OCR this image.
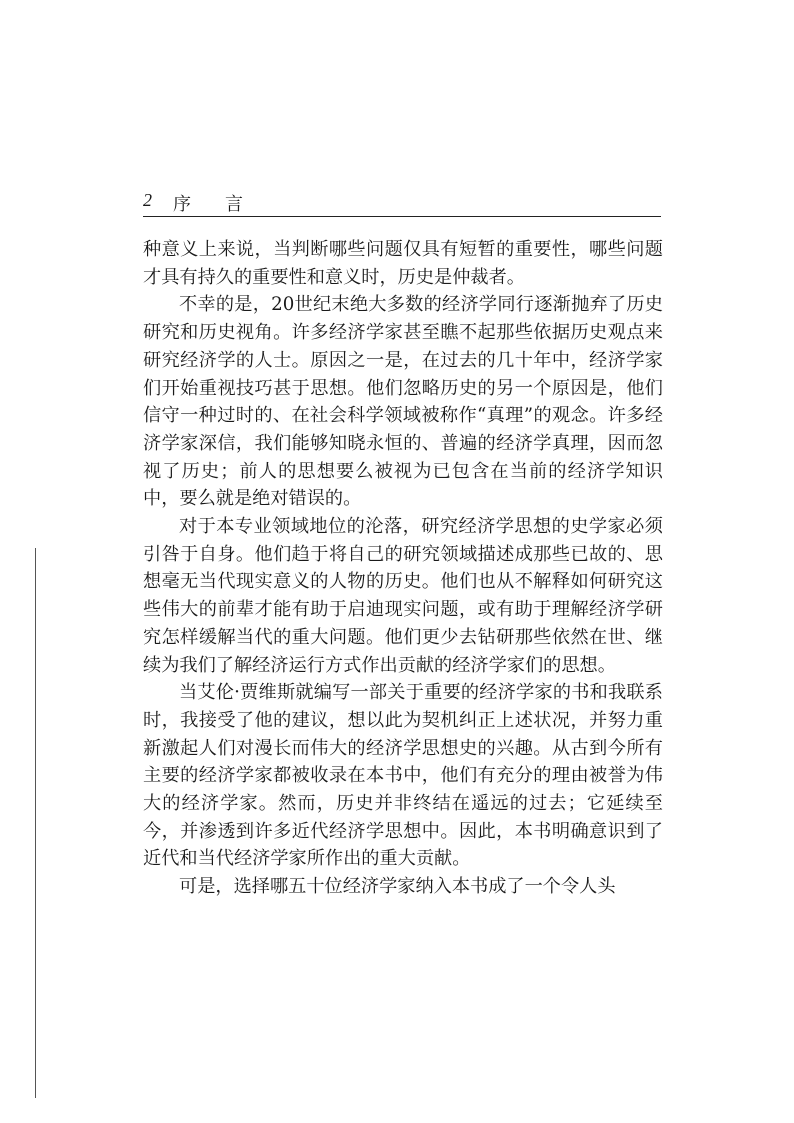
2 序言

种意义上来说，当判断哪些问题仅具有短暂的重要性，哪些问题才具有持久的重要性和意义时，历史是仲裁者。

不幸的是，20世纪末绝大多数的经济学同行逐渐抛弃了历史研究和历史视角。许多经济学家甚至瞧不起那些依据历史观点来研究经济学的人士。原因之一是，在过去的几十年中，经济学家们开始重视技巧甚于思想。他们忽略历史的另一个原因是，他们信守一种过时的、在社会科学领域被称作“真理”的观念。许多经济学家深信，我们能够知晓永恒的、普遍的经济学真理，因而忽视了历史；前人的思想要么被视为已包含在当前的经济学知识中，要么就是绝对错误的。

对于本专业领域地位的沦落，研究经济学思想的史学家必须引咎于自身。他们趋于将自己的研究领域描述成那些已故的、思想毫无当代现实意义的人物的历史。他们也从不解释如何研究这些伟大的前辈才能有助于启迪现实问题，或有助于理解经济学研究怎样缓解当代的重大问题。他们更少去钻研那些依然在世、继续为我们了解经济运行方式作出贡献的经济学家们的思想。

当艾伦·贾维斯就编写一部关于重要的经济学家的书和我联系时，我接受了他的建议，想以此为契机纠正上述状况，并努力重新激起人们对漫长而伟大的经济学思想史的兴趣。从古到今所有主要的经济学家都被收录在本书中，他们有充分的理由被誉为伟大的经济学家。然而，历史并非终结在遥远的过去；它延续至今，并渗透到许多近代经济学思想中。因此，本书明确意识到了近代和当代经济学家所作出的重大贡献。

可是，选择哪五十位经济学家纳入本书成了一个令人头
